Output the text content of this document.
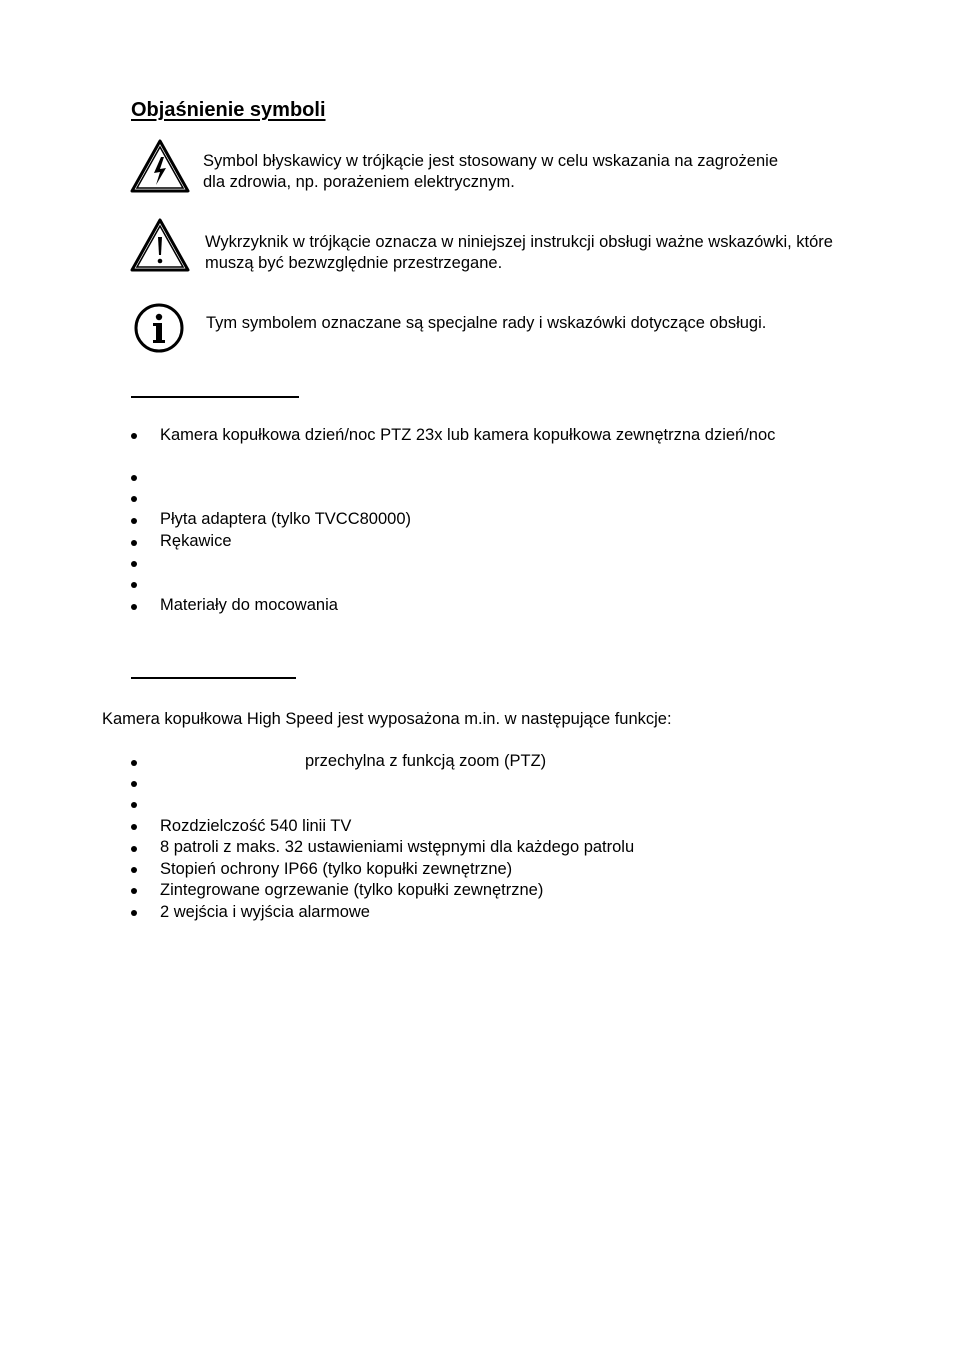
Objaśnienie symboli
Symbol błyskawicy w trójkącie jest stosowany w celu wskazania na zagrożenie
dla zdrowia, np. porażeniem elektrycznym.
Wykrzyknik w trójkącie oznacza w niniejszej instrukcji obsługi ważne wskazówki, które
muszą być bezwzględnie przestrzegane.
Tym symbolem oznaczane są specjalne rady i wskazówki dotyczące obsługi.
Kamera kopułkowa dzień/noc PTZ 23x lub kamera kopułkowa zewnętrzna dzień/noc
Płyta adaptera (tylko TVCC80000)
Rękawice
Materiały do mocowania
Kamera kopułkowa High Speed jest wyposażona m.in. w następujące funkcje:
przechylna z funkcją zoom (PTZ)
Rozdzielczość 540 linii TV
8 patroli z maks. 32 ustawieniami wstępnymi dla każdego patrolu
Stopień ochrony IP66 (tylko kopułki zewnętrzne)
Zintegrowane ogrzewanie (tylko kopułki zewnętrzne)
2 wejścia i wyjścia alarmowe
